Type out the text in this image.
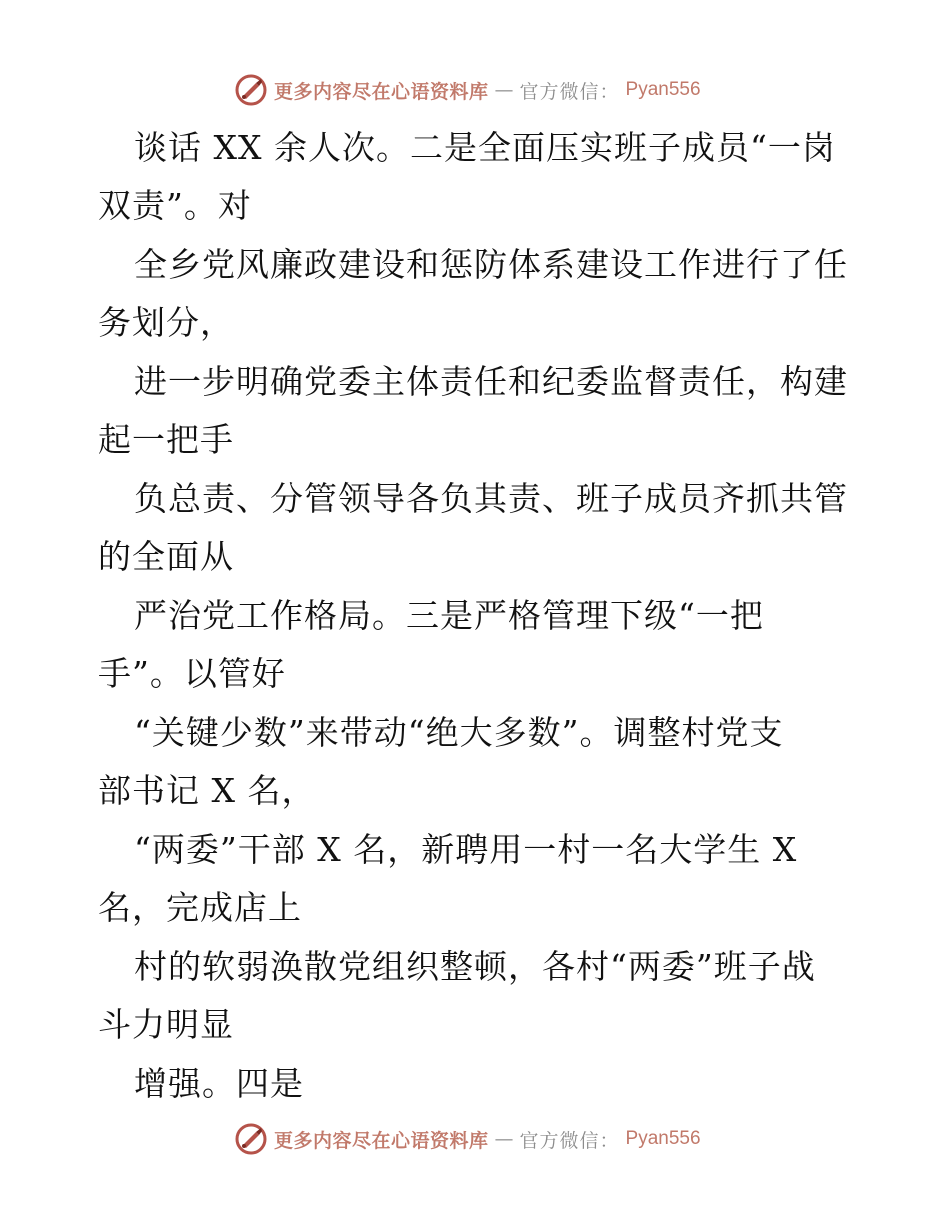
更多内容尽在心语资料库 — 官方微信： Pyan556
谈话 XX 余人次。二是全面压实班子成员“一岗
双责”。对
全乡党风廉政建设和惩防体系建设工作进行了任
务划分，
进一步明确党委主体责任和纪委监督责任，构建
起一把手
负总责、分管领导各负其责、班子成员齐抓共管
的全面从
严治党工作格局。三是严格管理下级“一把
手”。以管好
“关键少数”来带动“绝大多数”。调整村党支
部书记 X 名，
“两委”干部 X 名，新聘用一村一名大学生 X
名，完成店上
村的软弱涣散党组织整顿，各村“两委”班子战
斗力明显
增强。四是
更多内容尽在心语资料库 — 官方微信： Pyan556
